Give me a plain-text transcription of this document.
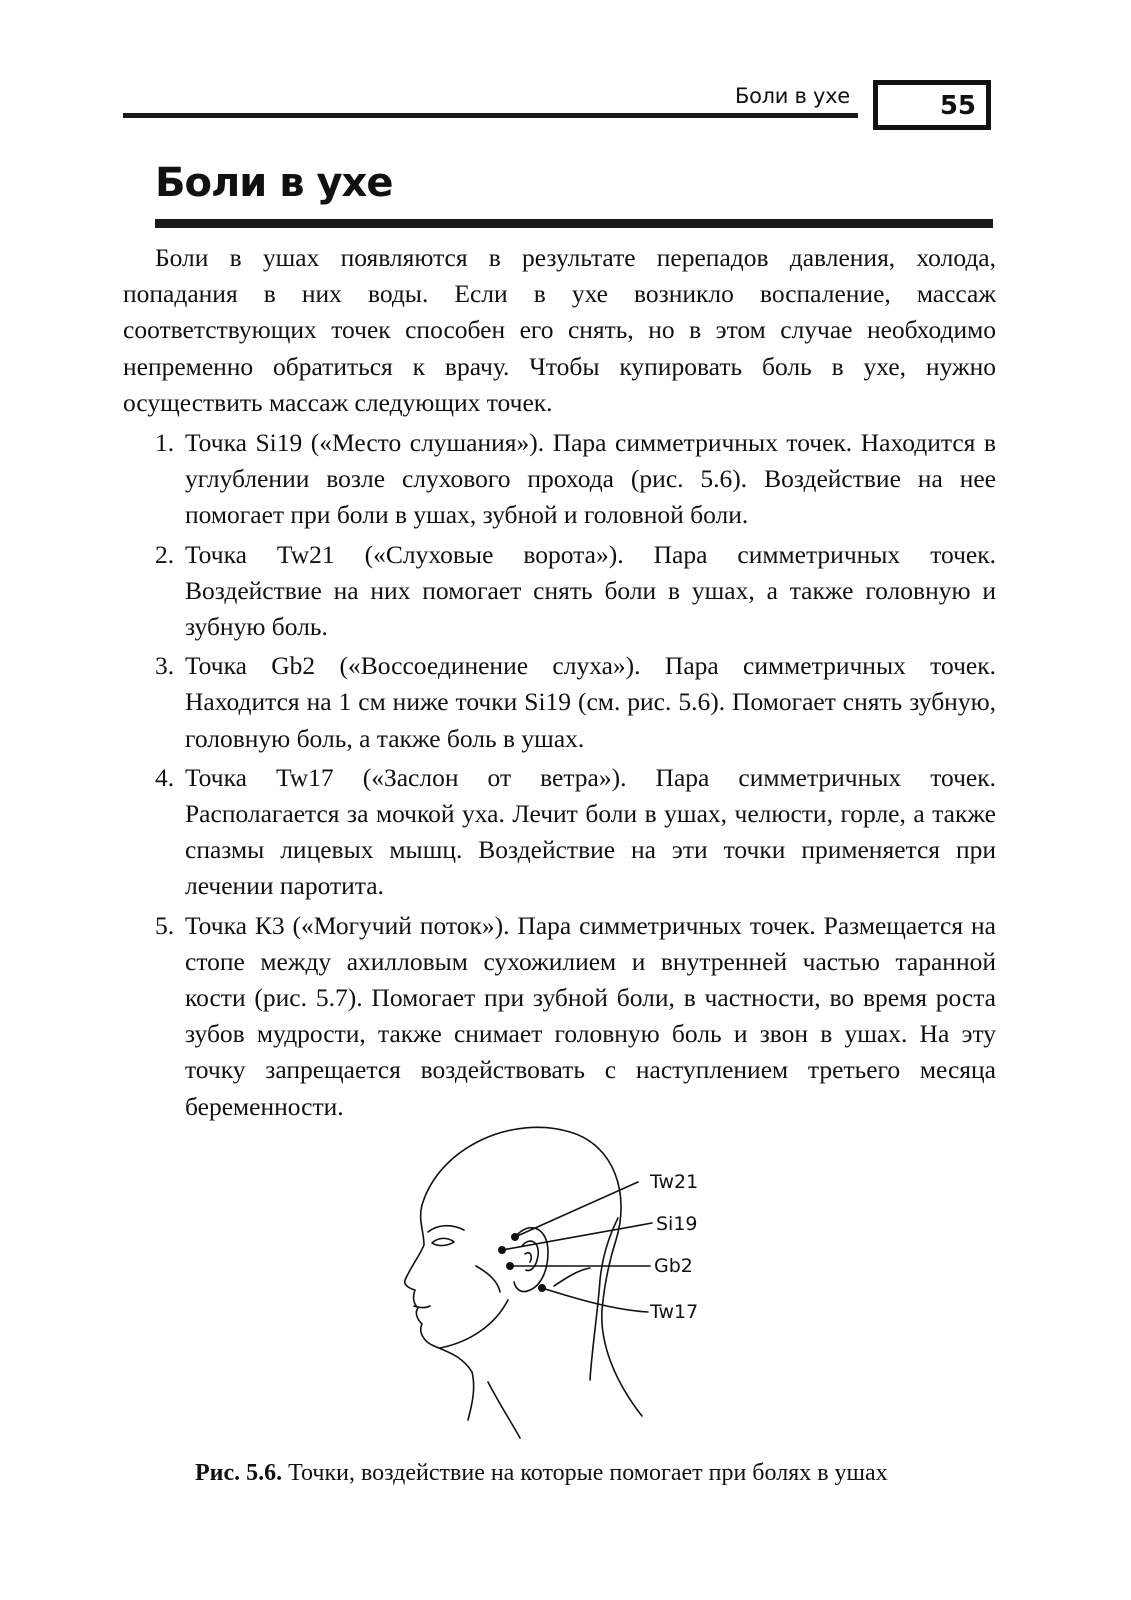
Боли в ухе	55
Боли в ухе

Боли в ушах появляются в результате перепадов давления, холода, попадания в них воды. Если в ухе возникло воспаление, массаж соответствующих точек способен его снять, но в этом случае необходимо непременно обратиться к врачу. Чтобы купировать боль в ухе, нужно осуществить массаж следующих точек.

1. Точка Si19 («Место слушания»). Пара симметричных точек. Находится в углублении возле слухового прохода (рис. 5.6). Воздействие на нее помогает при боли в ушах, зубной и головной боли.
2. Точка Tw21 («Слуховые ворота»). Пара симметричных точек. Воздействие на них помогает снять боли в ушах, а также головную и зубную боль.
3. Точка Gb2 («Воссоединение слуха»). Пара симметричных точек. Находится на 1 см ниже точки Si19 (см. рис. 5.6). Помогает снять зубную, головную боль, а также боль в ушах.
4. Точка Tw17 («Заслон от ветра»). Пара симметричных точек. Располагается за мочкой уха. Лечит боли в ушах, челюсти, горле, а также спазмы лицевых мышц. Воздействие на эти точки применяется при лечении паротита.
5. Точка К3 («Могучий поток»). Пара симметричных точек. Размещается на стопе между ахилловым сухожилием и внутренней частью таранной кости (рис. 5.7). Помогает при зубной боли, в частности, во время роста зубов мудрости, также снимает головную боль и звон в ушах. На эту точку запрещается воздействовать с наступлением третьего месяца беременности.
Tw21
Si19
Gb2
Tw17
Рис. 5.6. Точки, воздействие на которые помогает при болях в ушах
